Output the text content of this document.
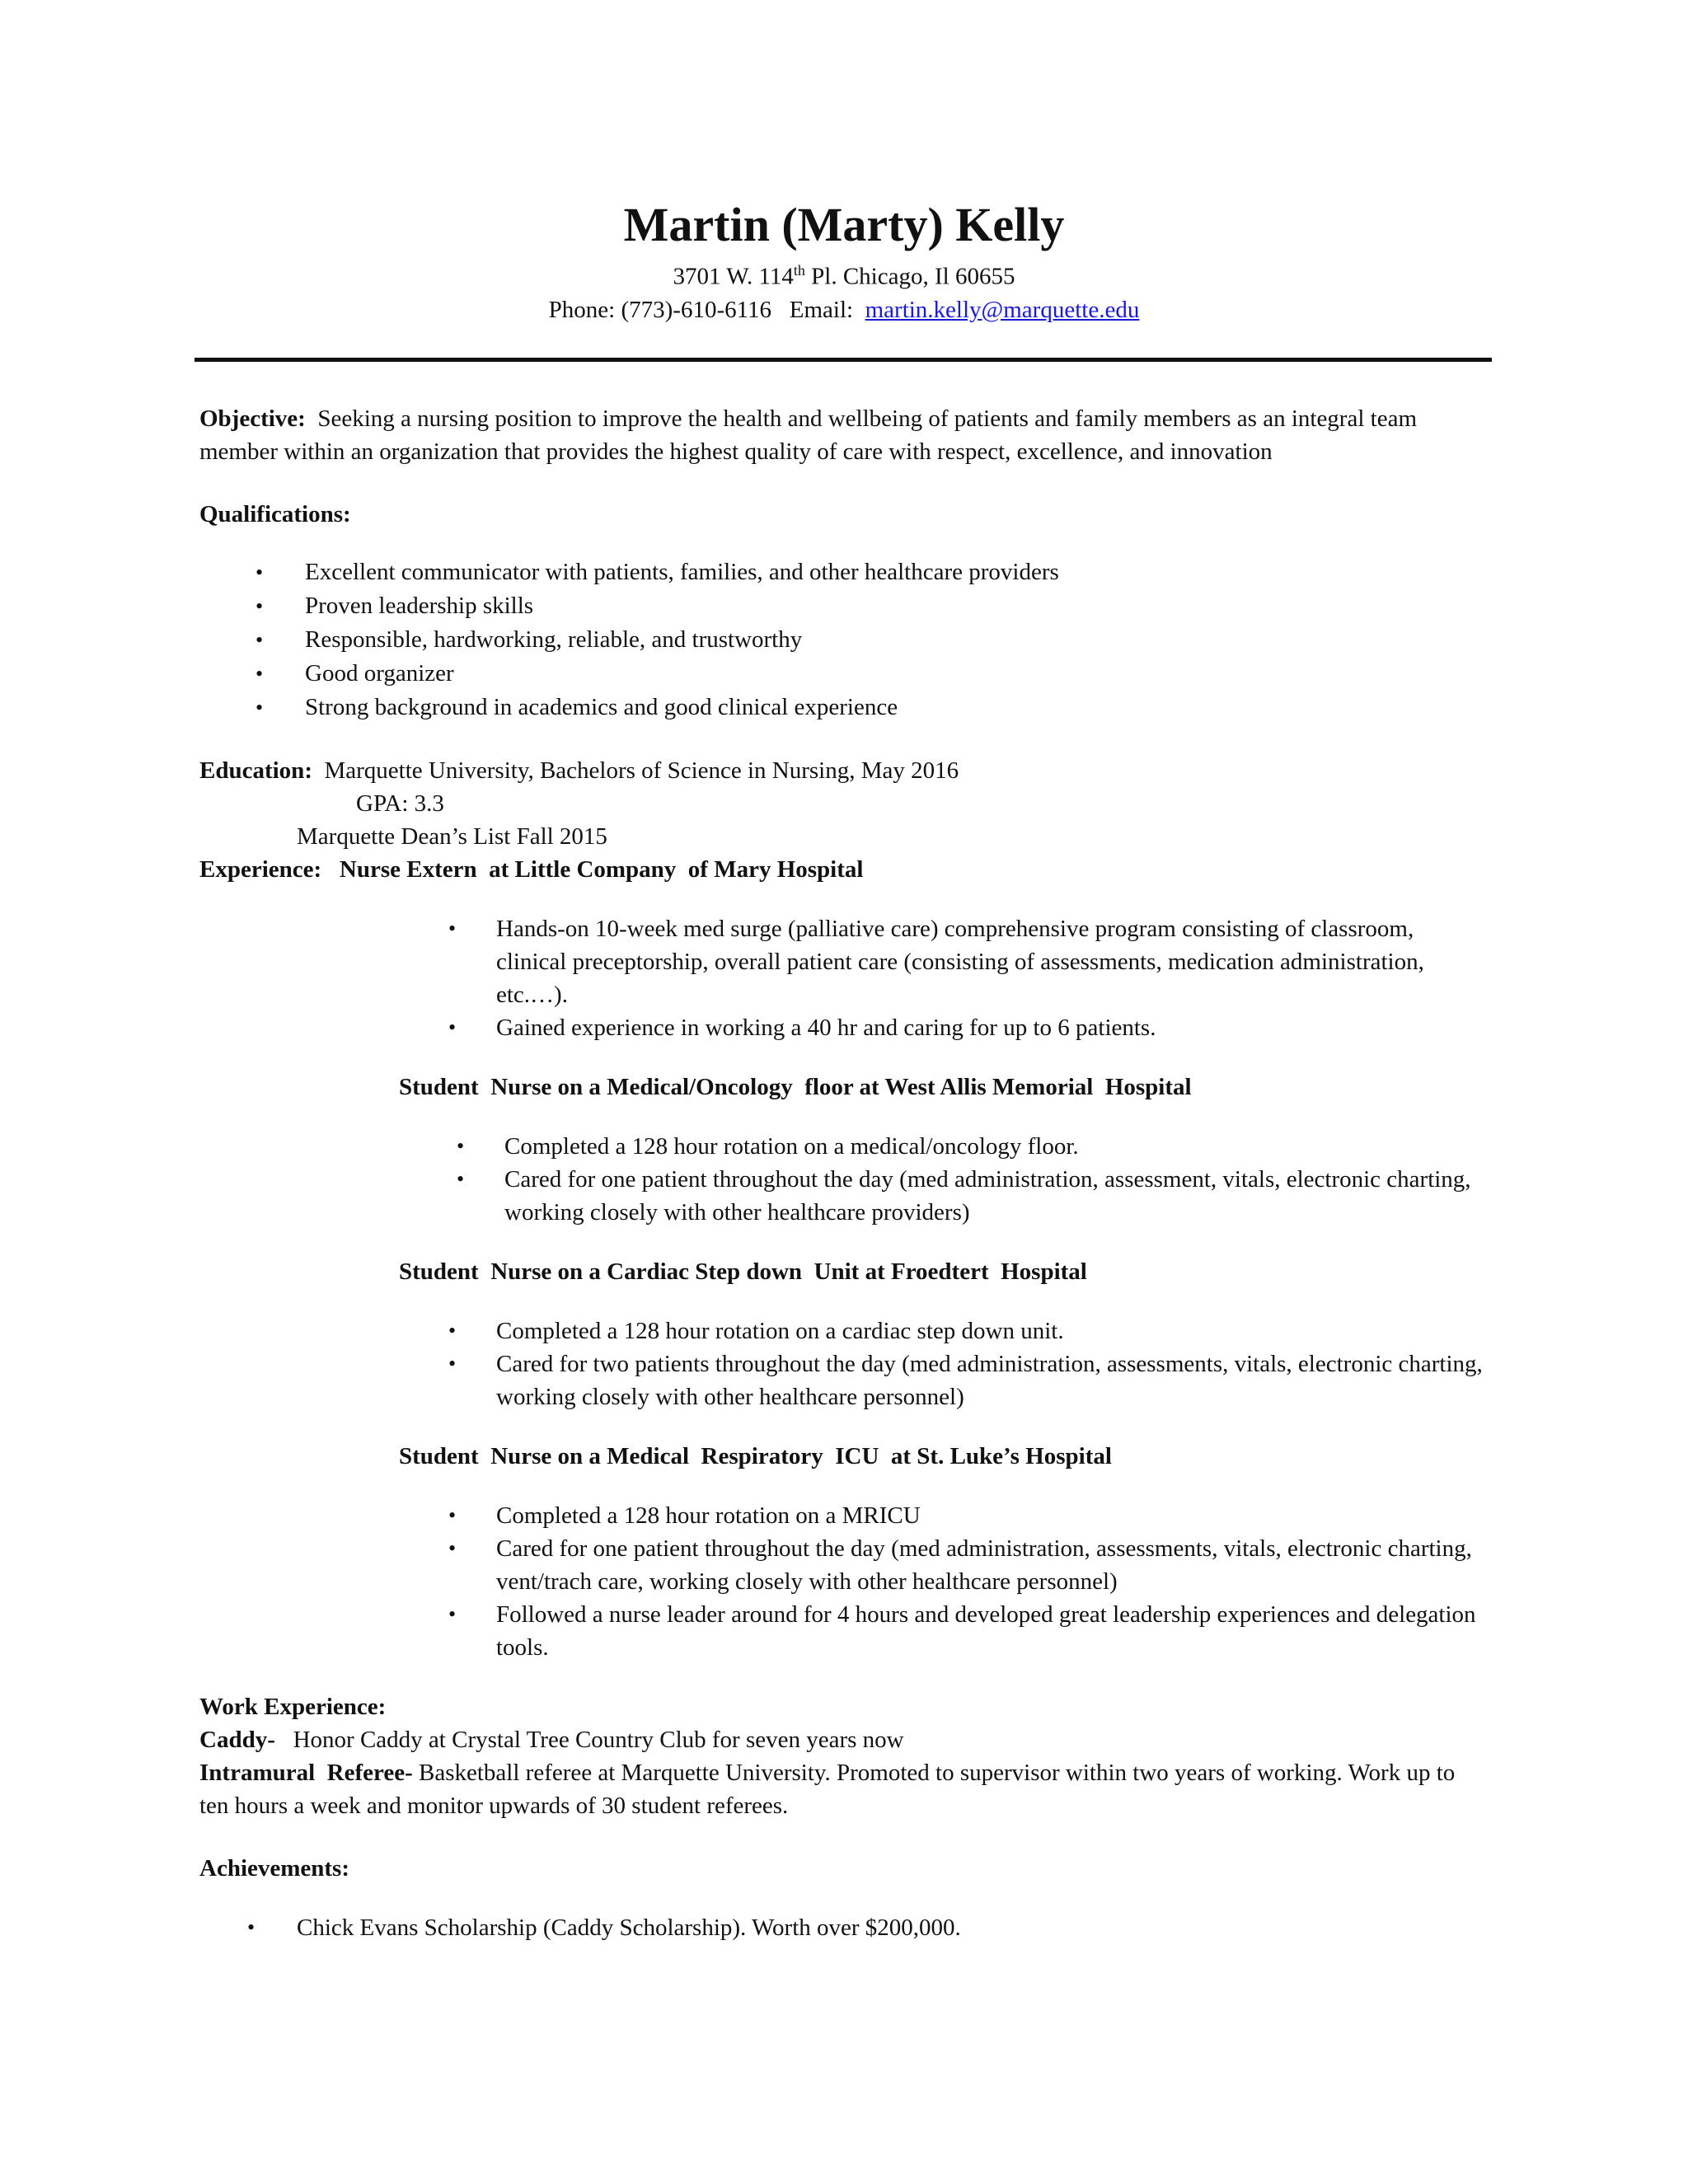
Martin (Marty) Kelly
3701 W. 114th Pl. Chicago, Il 60655
Phone: (773)-610-6116   Email:  martin.kelly@marquette.edu

Objective: Seeking a nursing position to improve the health and wellbeing of patients and family members as an integral team member within an organization that provides the highest quality of care with respect, excellence, and innovation

Qualifications:

• Excellent communicator with patients, families, and other healthcare providers
• Proven leadership skills
• Responsible, hardworking, reliable, and trustworthy
• Good organizer
• Strong background in academics and good clinical experience

Education: Marquette University, Bachelors of Science in Nursing, May 2016

GPA: 3.3

Marquette Dean’s List Fall 2015

Experience: Nurse Extern  at Little Company  of Mary Hospital

• Hands-on 10-week med surge (palliative care) comprehensive program consisting of classroom, clinical preceptorship, overall patient care (consisting of assessments, medication administration, etc.…).
• Gained experience in working a 40 hr and caring for up to 6 patients.

Student  Nurse on a Medical/Oncology  floor at West Allis Memorial  Hospital

• Completed a 128 hour rotation on a medical/oncology floor.
• Cared for one patient throughout the day (med administration, assessment, vitals, electronic charting, working closely with other healthcare providers)

Student  Nurse on a Cardiac Step down  Unit at Froedtert  Hospital

• Completed a 128 hour rotation on a cardiac step down unit.
• Cared for two patients throughout the day (med administration, assessments, vitals, electronic charting, working closely with other healthcare personnel)

Student  Nurse on a Medical  Respiratory  ICU  at St. Luke’s Hospital

• Completed a 128 hour rotation on a MRICU
• Cared for one patient throughout the day (med administration, assessments, vitals, electronic charting, vent/trach care, working closely with other healthcare personnel)
• Followed a nurse leader around for 4 hours and developed great leadership experiences and delegation tools.

Work Experience:

Caddy- Honor Caddy at Crystal Tree Country Club for seven years now

Intramural  Referee- Basketball referee at Marquette University. Promoted to supervisor within two years of working. Work up to ten hours a week and monitor upwards of 30 student referees.

Achievements:

• Chick Evans Scholarship (Caddy Scholarship). Worth over $200,000.
